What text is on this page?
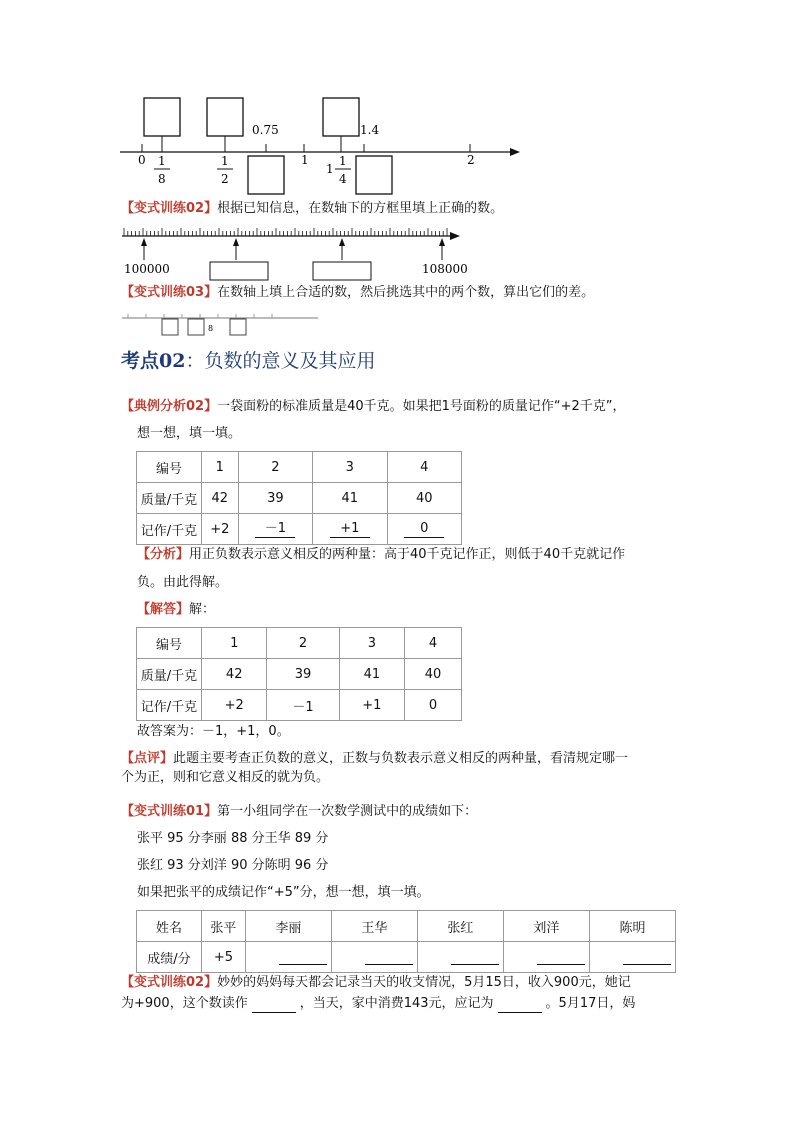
0.75	1.4
0 1
8
1
2
1
1
1
4
2
【变式训练02】根据已知信息，在数轴下的方框里填上正确的数。
100000	108000
【变式训练03】在数轴上填上合适的数，然后挑选其中的两个数，算出它们的差。
8
考点02：负数的意义及其应用
【典例分析02】一袋面粉的标准质量是40千克。如果把1号面粉的质量记作“+2千克”，
想一想，填一填。
编号	1	2	3	4
质量/千克	42	39	41	40
记作/千克	+2	－1	+1	0
【分析】用正负数表示意义相反的两种量：高于40千克记作正，则低于40千克就记作
负。由此得解。
【解答】解：
编号	1	2	3	4
质量/千克	42	39	41	40
记作/千克	+2	－1	+1	0
故答案为：－1，+1，0。
【点评】此题主要考查正负数的意义，正数与负数表示意义相反的两种量，看清规定哪一
个为正，则和它意义相反的就为负。
【变式训练01】第一小组同学在一次数学测试中的成绩如下：
张平 95 分李丽 88 分王华 89 分
张红 93 分刘洋 90 分陈明 96 分
如果把张平的成绩记作“+5”分，想一想，填一填。
姓名	张平	李丽	王华	张红	刘洋	陈明
成绩/分	+5					
【变式训练02】妙妙的妈妈每天都会记录当天的收支情况，5月15日，收入900元，她记
为+900，这个数读作	，当天，家中消费143元，应记为	。5月17日，妈
